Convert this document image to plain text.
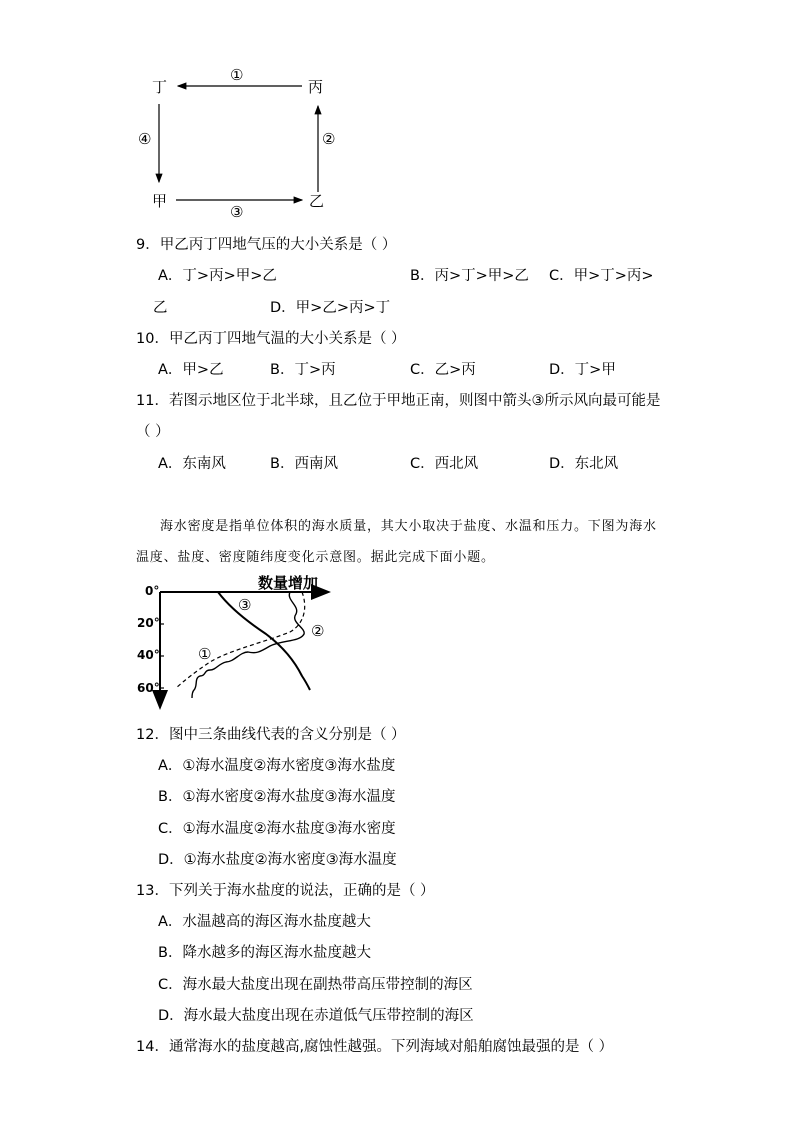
丁	丙
甲	乙
①
②
③
④
9．甲乙丙丁四地气压的大小关系是（ ）
A．丁>丙>甲>乙	B．丙>丁>甲>乙 C．甲>丁>丙>
乙	D．甲>乙>丙>丁
10．甲乙丙丁四地气温的大小关系是（ ）
A．甲>乙	B．丁>丙	C．乙>丙	D．丁>甲
11．若图示地区位于北半球，且乙位于甲地正南，则图中箭头③所示风向最可能是
（ ）
A．东南风	B．西南风	C．西北风	D．东北风
海水密度是指单位体积的海水质量，其大小取决于盐度、水温和压力。下图为海水
温度、盐度、密度随纬度变化示意图。据此完成下面小题。
数量增加
0°
20°
40°
60°
①
②
③
12．图中三条曲线代表的含义分别是（ ）
A．①海水温度②海水密度③海水盐度
B．①海水密度②海水盐度③海水温度
C．①海水温度②海水盐度③海水密度
D．①海水盐度②海水密度③海水温度
13．下列关于海水盐度的说法，正确的是（ ）
A．水温越高的海区海水盐度越大
B．降水越多的海区海水盐度越大
C．海水最大盐度出现在副热带高压带控制的海区
D．海水最大盐度出现在赤道低气压带控制的海区
14．通常海水的盐度越高,腐蚀性越强。下列海域对船舶腐蚀最强的是（ ）
